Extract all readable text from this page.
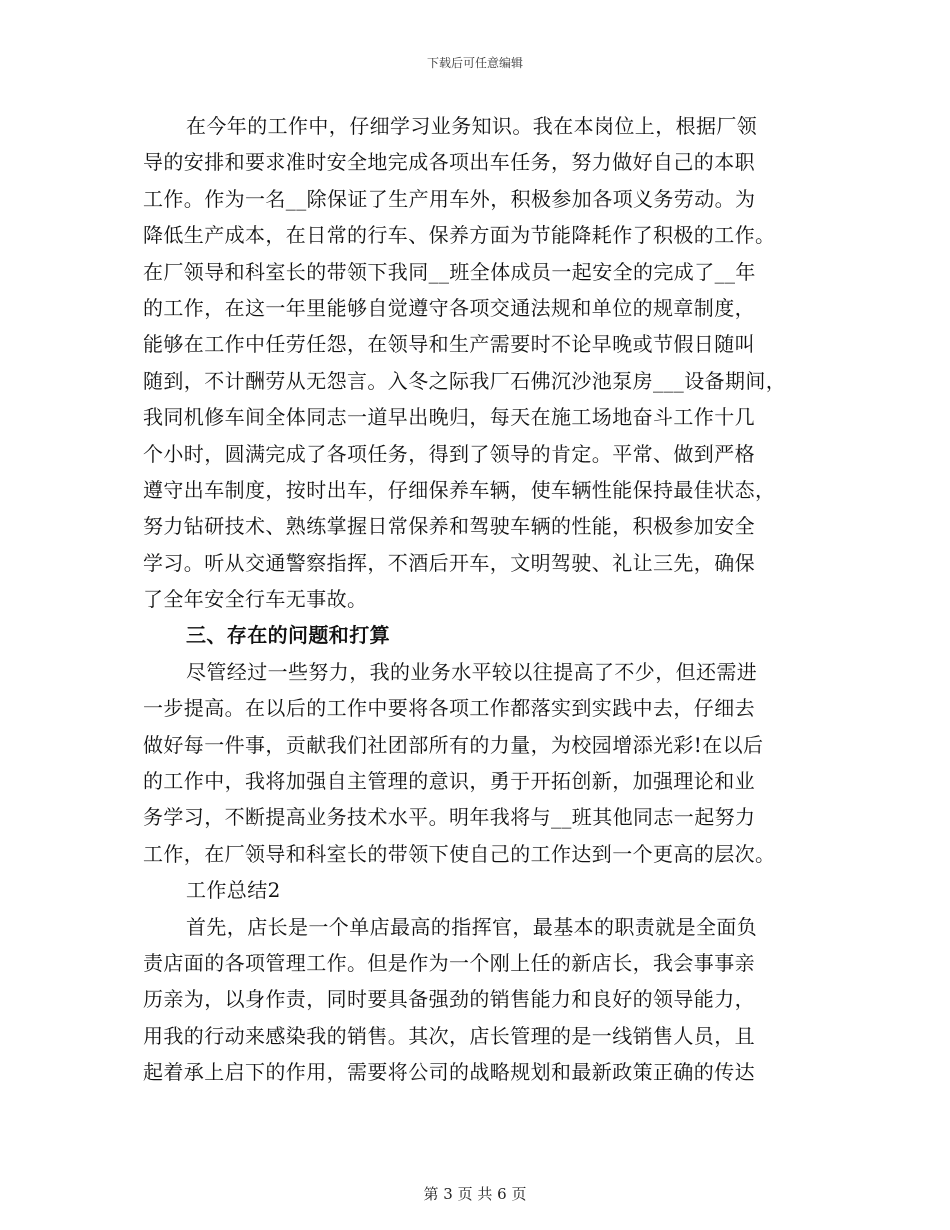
下载后可任意编辑
在今年的工作中，仔细学习业务知识。我在本岗位上，根据厂领
导的安排和要求准时安全地完成各项出车任务，努力做好自己的本职
工作。作为一名__除保证了生产用车外，积极参加各项义务劳动。为
降低生产成本，在日常的行车、保养方面为节能降耗作了积极的工作。
在厂领导和科室长的带领下我同__班全体成员一起安全的完成了__年
的工作，在这一年里能够自觉遵守各项交通法规和单位的规章制度，
能够在工作中任劳任怨，在领导和生产需要时不论早晚或节假日随叫
随到，不计酬劳从无怨言。入冬之际我厂石佛沉沙池泵房___设备期间，
我同机修车间全体同志一道早出晚归，每天在施工场地奋斗工作十几
个小时，圆满完成了各项任务，得到了领导的肯定。平常、做到严格
遵守出车制度，按时出车，仔细保养车辆，使车辆性能保持最佳状态，
努力钻研技术、熟练掌握日常保养和驾驶车辆的性能，积极参加安全
学习。听从交通警察指挥，不酒后开车，文明驾驶、礼让三先，确保
了全年安全行车无事故。
三、存在的问题和打算
尽管经过一些努力，我的业务水平较以往提高了不少，但还需进
一步提高。在以后的工作中要将各项工作都落实到实践中去，仔细去
做好每一件事，贡献我们社团部所有的力量，为校园增添光彩!在以后
的工作中，我将加强自主管理的意识，勇于开拓创新，加强理论和业
务学习，不断提高业务技术水平。明年我将与__班其他同志一起努力
工作，在厂领导和科室长的带领下使自己的工作达到一个更高的层次。
工作总结2
首先，店长是一个单店最高的指挥官，最基本的职责就是全面负
责店面的各项管理工作。但是作为一个刚上任的新店长，我会事事亲
历亲为，以身作责，同时要具备强劲的销售能力和良好的领导能力，
用我的行动来感染我的销售。其次，店长管理的是一线销售人员，且
起着承上启下的作用，需要将公司的战略规划和最新政策正确的传达
第 3 页 共 6 页
